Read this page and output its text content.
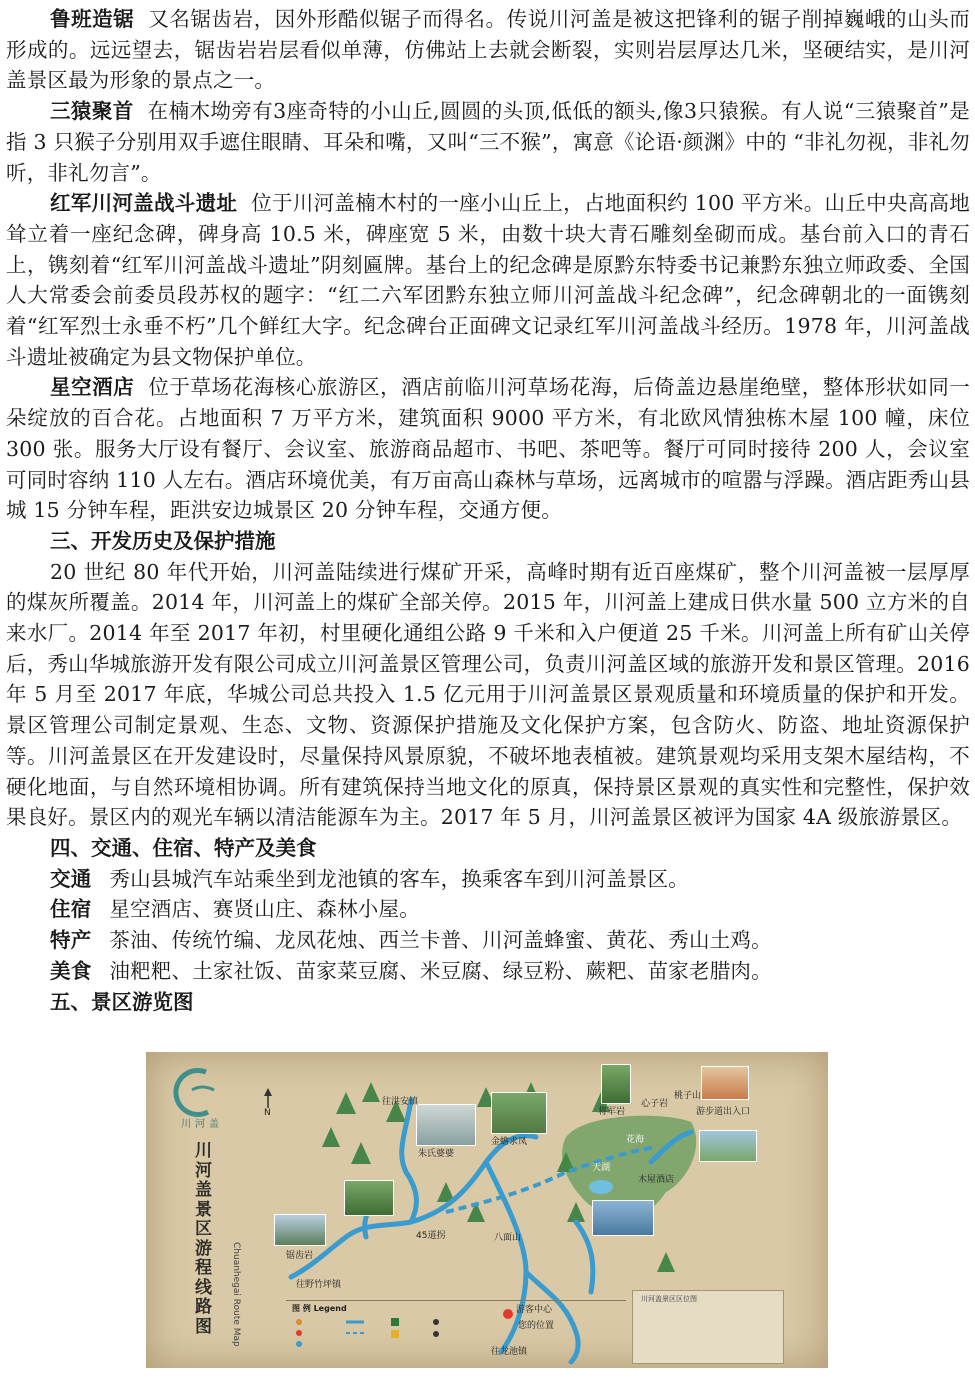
鲁班造锯 又名锯齿岩，因外形酷似锯子而得名。传说川河盖是被这把锋利的锯子削掉巍峨的山头而形成的。远远望去，锯齿岩岩层看似单薄，仿佛站上去就会断裂，实则岩层厚达几米，坚硬结实，是川河盖景区最为形象的景点之一。

三猿聚首 在楠木坳旁有3座奇特的小山丘,圆圆的头顶,低低的额头,像3只猿猴。有人说“三猿聚首”是指 3 只猴子分别用双手遮住眼睛、耳朵和嘴，又叫“三不猴”，寓意《论语·颜渊》中的 “非礼勿视，非礼勿听，非礼勿言”。

红军川河盖战斗遗址 位于川河盖楠木村的一座小山丘上，占地面积约 100 平方米。山丘中央高高地耸立着一座纪念碑，碑身高 10.5 米，碑座宽 5 米，由数十块大青石雕刻垒砌而成。基台前入口的青石上，镌刻着“红军川河盖战斗遗址”阴刻匾牌。基台上的纪念碑是原黔东特委书记兼黔东独立师政委、全国人大常委会前委员段苏权的题字：“红二六军团黔东独立师川河盖战斗纪念碑”，纪念碑朝北的一面镌刻着“红军烈士永垂不朽”几个鲜红大字。纪念碑台正面碑文记录红军川河盖战斗经历。1978 年，川河盖战斗遗址被确定为县文物保护单位。

星空酒店 位于草场花海核心旅游区，酒店前临川河草场花海，后倚盖边悬崖绝壁，整体形状如同一朵绽放的百合花。占地面积 7 万平方米，建筑面积 9000 平方米，有北欧风情独栋木屋 100 幢，床位 300 张。服务大厅设有餐厅、会议室、旅游商品超市、书吧、茶吧等。餐厅可同时接待 200 人，会议室可同时容纳 110 人左右。酒店环境优美，有万亩高山森林与草场，远离城市的喧嚣与浮躁。酒店距秀山县城 15 分钟车程，距洪安边城景区 20 分钟车程，交通方便。

三、开发历史及保护措施

20 世纪 80 年代开始，川河盖陆续进行煤矿开采，高峰时期有近百座煤矿，整个川河盖被一层厚厚的煤灰所覆盖。2014 年，川河盖上的煤矿全部关停。2015 年，川河盖上建成日供水量 500 立方米的自来水厂。2014 年至 2017 年初，村里硬化通组公路 9 千米和入户便道 25 千米。川河盖上所有矿山关停后，秀山华城旅游开发有限公司成立川河盖景区管理公司，负责川河盖区域的旅游开发和景区管理。2016 年 5 月至 2017 年底，华城公司总共投入 1.5 亿元用于川河盖景区景观质量和环境质量的保护和开发。景区管理公司制定景观、生态、文物、资源保护措施及文化保护方案，包含防火、防盗、地址资源保护等。川河盖景区在开发建设时，尽量保持风景原貌，不破坏地表植被。建筑景观均采用支架木屋结构，不硬化地面，与自然环境相协调。所有建筑保持当地文化的原真，保持景区景观的真实性和完整性，保护效果良好。景区内的观光车辆以清洁能源车为主。2017 年 5 月，川河盖景区被评为国家 4A 级旅游景区。

四、交通、住宿、特产及美食

交通 秀山县城汽车站乘坐到龙池镇的客车，换乘客车到川河盖景区。

住宿 星空酒店、赛贤山庄、森林小屋。

特产 茶油、传统竹编、龙凤花烛、西兰卡普、川河盖蜂蜜、黄花、秀山土鸡。

美食 油粑粑、土家社饭、苗家菜豆腐、米豆腐、绿豆粉、蕨粑、苗家老腊肉。

五、景区游览图
川河盖
川河盖景区游程线路图	Chuanhegai Route Map
N
往洪安镇
金蟾求凤
朱氏婆婆
将军岩
心子岩
桃子山
游步道出入口
天湖
花海
木屋酒店
45道拐	八面山
锯齿岩
往野竹坪镇
游客中心
您的位置
往龙池镇
图 例 Legend
川河盖景区区位图
